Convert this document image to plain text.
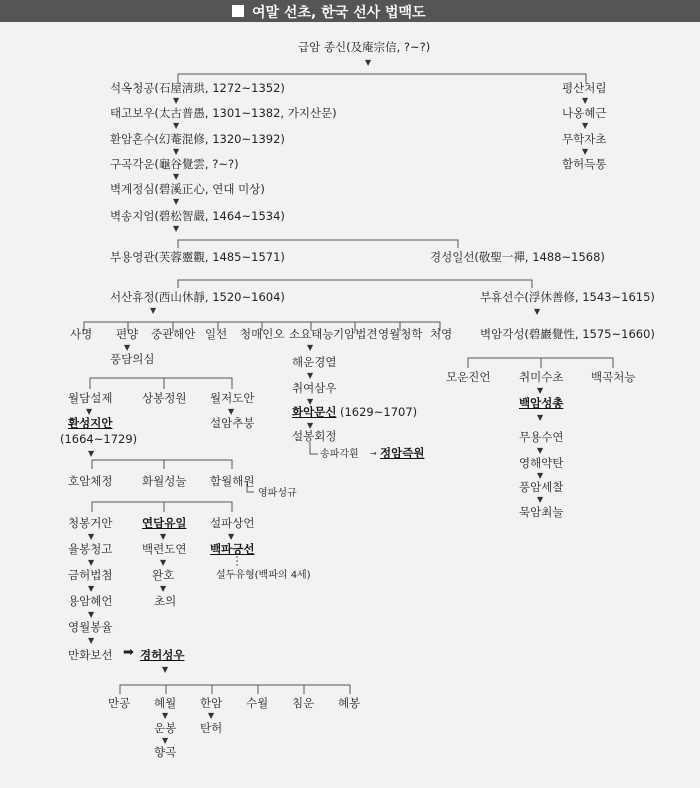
여말 선초, 한국 선사 법맥도
급암 종신(及庵宗信, ?~?)
▼
석옥청공(石屋淸珙, 1272~1352)
▼
태고보우(太古普愚, 1301~1382, 가지산문)
▼
환암혼수(幻菴混修, 1320~1392)
▼
구곡각운(龜谷覺雲, ?~?)
▼
벽계정심(碧溪正心, 연대 미상)
▼
벽송지엄(碧松智嚴, 1464~1534)
▼
평산처림
▼
나옹혜근
▼
무학자초
▼
함허득통
부용영관(芙蓉靈觀, 1485~1571)	경성일선(敬聖一禪, 1488~1568)
서산휴정(西山休靜, 1520~1604)
▼
부휴선수(浮休善修, 1543~1615)
▼
사명 편양 중관해안 일선 청매인오 소요태능 기암법견 영월청학 처영 벽암각성(碧巖覺性, 1575~1660)
▼
풍담의심
▼
해운경열
▼
취여삼우
▼
화악문신 (1629~1707)
▼
설봉회정
송파각훤 → 정암즉원
모운진언 취미수초 백곡처능
▼
백암성총
▼
무용수연
▼
영해약탄
▼
풍암세찰
▼
묵암최눌
월담설제	상봉정원 월저도안
▼	▼
환성지안
(1664~1729)
설암추붕
▼
호암체정	화월성눌 함월해원
영파성규
청봉거안	연담유일 설파상언
▼	▼	▼
율봉청고	백련도연 백파긍선
▼	▼
금허법첨	완호	설두유형(백파의 4세)
▼	▼
용암혜언	초의
▼
영월봉율
▼
만화보선 ➡ 경허성우
▼
만공 혜월 한암 수월 침운 혜봉
▼	▼
운봉 탄허
▼
향곡
